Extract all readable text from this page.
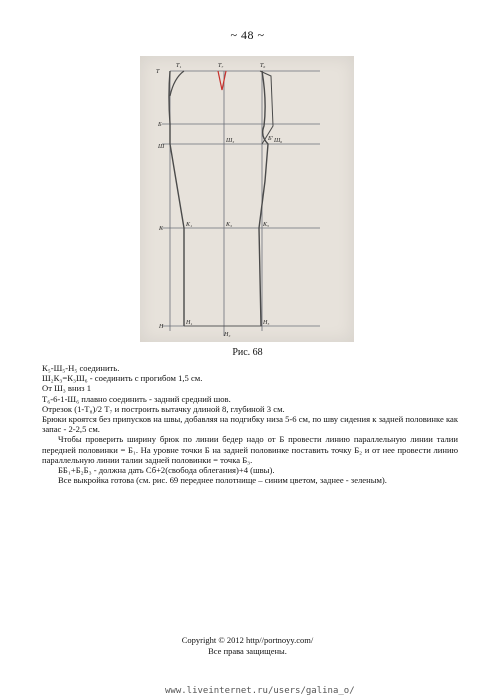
~ 48 ~
Т
Т₁	Т₇	Т₆
Б
Ш
Ш₃	Б' Ш₆
К
К₁	К₃	К₅
Н
Н₁
Н₃
Н₅
Рис. 68

К₅-Ш₅-Н₅ соединить.

Ш₂К₃=К₃Ш₆ - соединить с прогибом 1,5 см.

От Ш₃ вниз 1

Т₆-6-1-Ш₆ плавно соединить - задний средний шов.

Отрезок (1-Т₈)/2 Т₇ и построить вытачку длиной 8, глубиной 3 см.

Брюки кроятся без припусков на швы, добавляя на подгибку низа 5-6 см, по шву сидения к задней половинке как запас - 2-2,5 см.

Чтобы проверить ширину брюк по линии бедер надо от Б провести линию параллельную линии талии передней половинки = Б₁. На уровне точки Б на задней половинке поставить точку Б₂ и от нее провести линию параллельную линии талии задней половинки = точка Б₃.

ББ₁+Б₂Б₃ - должна дать Сб+2(свобода облегания)+4 (швы).

Все выкройка готова (см. рис. 69 переднее полотнище – синим цветом, заднее - зеленым).

Copyright © 2012 http//portnoyy.com/
Все права защищены.
www.liveinternet.ru/users/galina_o/
